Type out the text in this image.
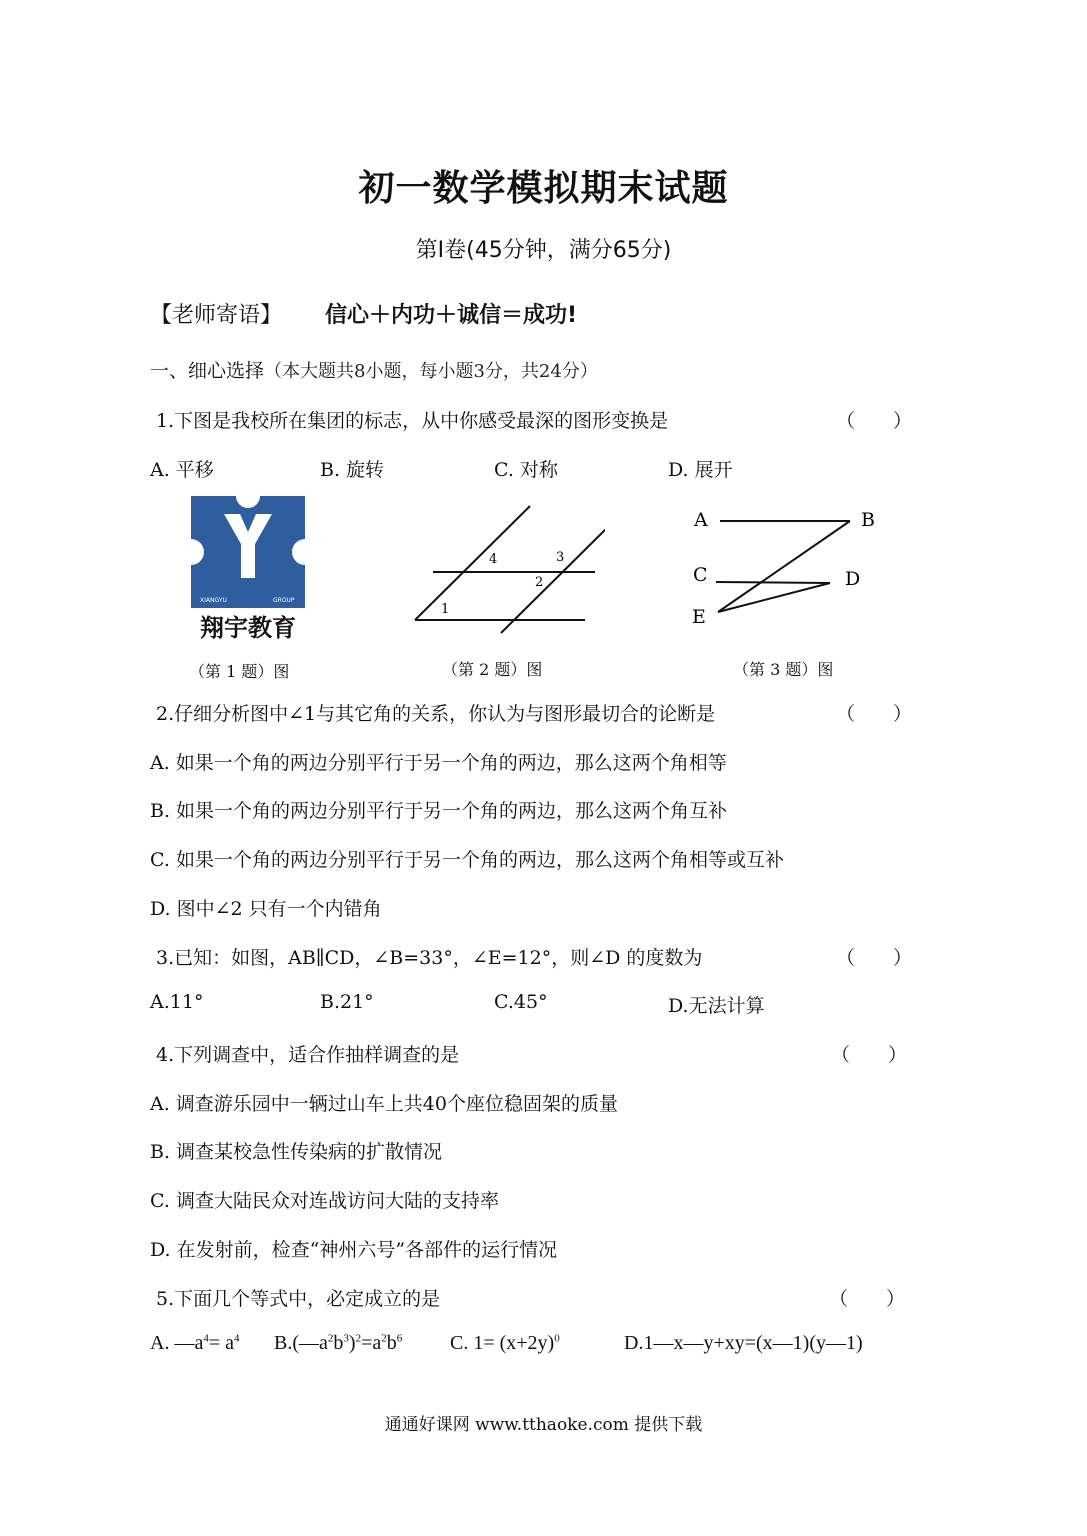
初一数学模拟期末试题
第Ⅰ卷(45分钟，满分65分)
【老师寄语】 信心＋内功＋诚信＝成功!
一、细心选择（本大题共8小题，每小题3分，共24分）
1.下图是我校所在集团的标志，从中你感受最深的图形变换是	（　　）
A. 平移	B. 旋转	C. 对称	D. 展开
XIANGYU	GROUP
翔宇教育
1
2
3
4
A	B
C	D
E
（第 1 题）图	（第 2 题）图	（第 3 题）图
2.仔细分析图中∠1与其它角的关系，你认为与图形最切合的论断是	（　　）
A. 如果一个角的两边分别平行于另一个角的两边，那么这两个角相等
B. 如果一个角的两边分别平行于另一个角的两边，那么这两个角互补
C. 如果一个角的两边分别平行于另一个角的两边，那么这两个角相等或互补
D. 图中∠2 只有一个内错角
3.已知：如图，AB∥CD，∠B=33°，∠E=12°，则∠D 的度数为	（　　）
A.11°	B.21°	C.45°	D.无法计算
4.下列调查中，适合作抽样调查的是	（　　）
A. 调查游乐园中一辆过山车上共40个座位稳固架的质量
B. 调查某校急性传染病的扩散情况
C. 调查大陆民众对连战访问大陆的支持率
D. 在发射前，检查“神州六号”各部件的运行情况
5.下面几个等式中，必定成立的是	（　　）
A. $—a^4= a^4$ $B.(—a^2b^3)^2=a^2b^6$ C. $1= (x+2y)^0$	D.1—x—y+xy=(x—1)(y—1)
通通好课网 www.tthaoke.com 提供下载
